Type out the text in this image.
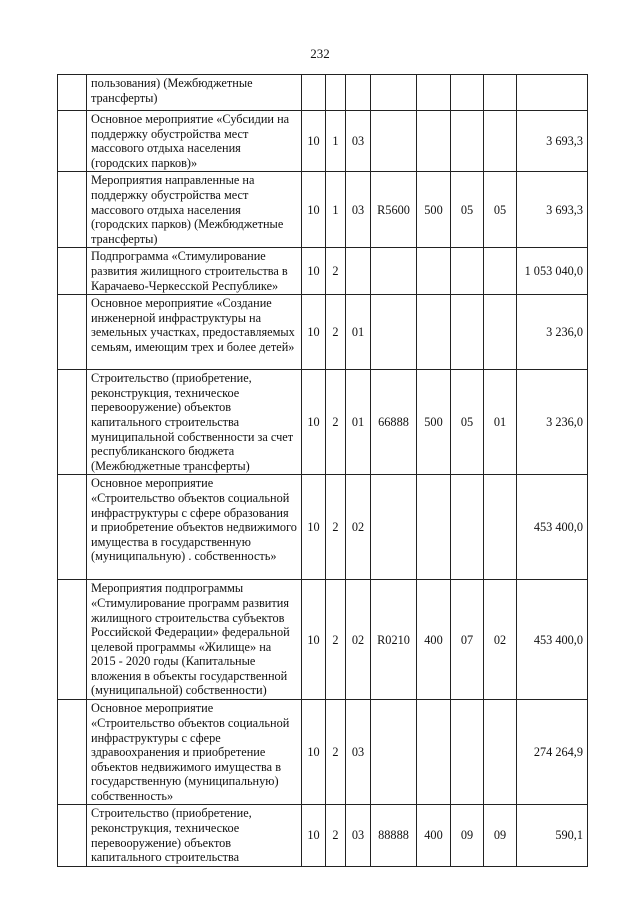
232
	пользования) (Межбюджетные трансферты)								
	Основное мероприятие «Субсидии на поддержку обустройства мест массового отдыха населения (городских парков)»	10	1	03					3 693,3
	Мероприятия направленные на поддержку обустройства мест массового отдыха населения (городских парков) (Межбюджетные трансферты)	10	1	03	R5600	500	05	05	3 693,3
	Подпрограмма «Стимулирование развития жилищного строительства в Карачаево-Черкесской Республике»	10	2						1 053 040,0
	Основное мероприятие «Создание инженерной инфраструктуры на земельных участках, предоставляемых семьям, имеющим трех и более детей»	10	2	01					3 236,0
	Строительство (приобретение, реконструкция, техническое перевооружение) объектов капитального строительства муниципальной собственности за счет республиканского бюджета (Межбюджетные трансферты)	10	2	01	66888	500	05	01	3 236,0
	Основное мероприятие «Строительство объектов социальной инфраструктуры с сфере образования и приобретение объектов недвижимого имущества в государственную (муниципальную) . собственность»	10	2	02					453 400,0
	Мероприятия подпрограммы «Стимулирование программ развития жилищного строительства субъектов Российской Федерации» федеральной целевой программы «Жилище» на 2015 - 2020 годы (Капитальные вложения в объекты государственной (муниципальной) собственности)	10	2	02	R0210	400	07	02	453 400,0
	Основное мероприятие «Строительство объектов социальной инфраструктуры с сфере здравоохранения и приобретение объектов недвижимого имущества в государственную (муниципальную) собственность»	10	2	03					274 264,9
	Строительство (приобретение, реконструкция, техническое перевооружение) объектов капитального строительства	10	2	03	88888	400	09	09	590,1
